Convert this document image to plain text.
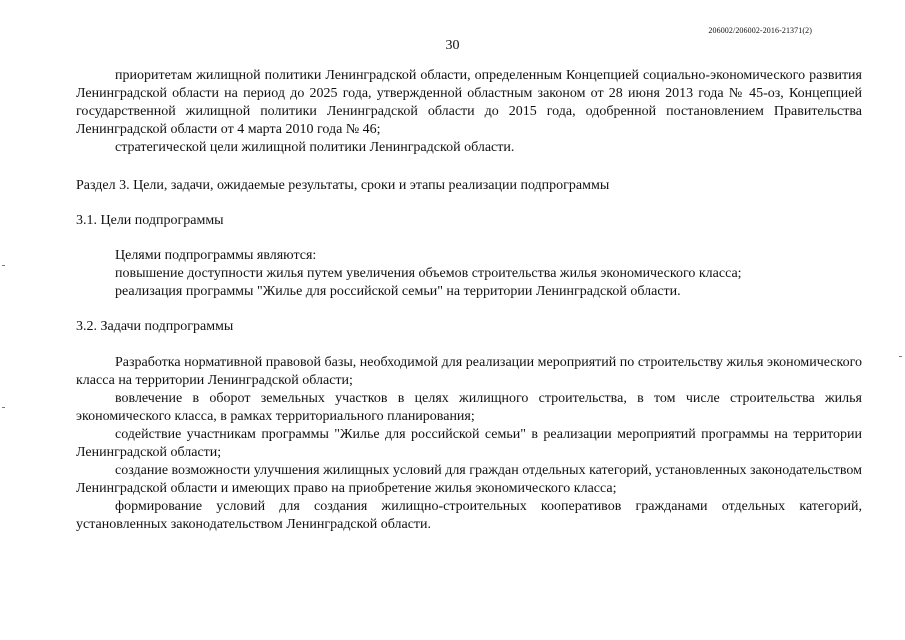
206002/206002-2016-21371(2)
30

приоритетам жилищной политики Ленинградской области, определенным Концепцией социально-экономического развития Ленинградской области на период до 2025 года, утвержденной областным законом от 28 июня 2013 года № 45-оз, Концепцией государственной жилищной политики Ленинградской области до 2015 года, одобренной постановлением Правительства Ленинградской области от 4 марта 2010 года № 46;

стратегической цели жилищной политики Ленинградской области.

Раздел 3. Цели, задачи, ожидаемые результаты, сроки и этапы реализации подпрограммы

3.1. Цели подпрограммы

Целями подпрограммы являются:

повышение доступности жилья путем увеличения объемов строительства жилья экономического класса;

реализация программы "Жилье для российской семьи" на территории Ленинградской области.

3.2. Задачи подпрограммы

Разработка нормативной правовой базы, необходимой для реализации мероприятий по строительству жилья экономического класса на территории Ленинградской области;

вовлечение в оборот земельных участков в целях жилищного строительства, в том числе строительства жилья экономического класса, в рамках территориального планирования;

содействие участникам программы "Жилье для российской семьи" в реализации мероприятий программы на территории Ленинградской области;

создание возможности улучшения жилищных условий для граждан отдельных категорий, установленных законодательством Ленинградской области и имеющих право на приобретение жилья экономического класса;

формирование условий для создания жилищно-строительных кооперативов гражданами отдельных категорий, установленных законодательством Ленинградской области.
